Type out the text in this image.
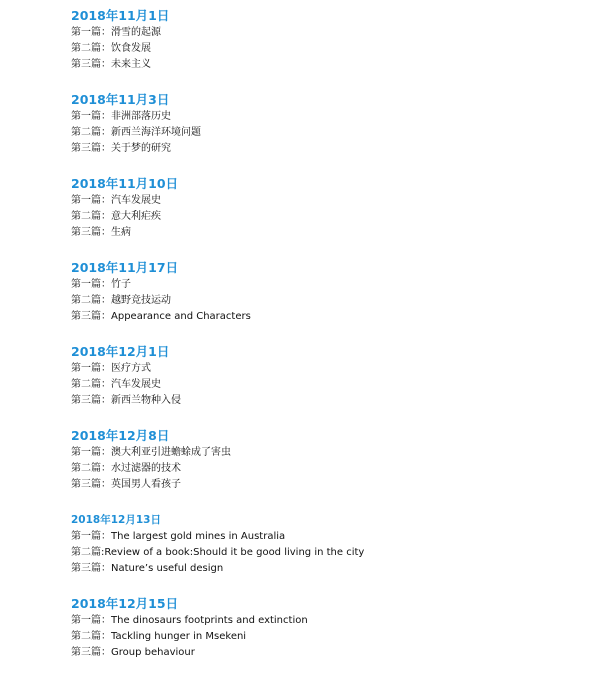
2018年11月1日
第一篇：滑雪的起源
第二篇：饮食发展
第三篇：未来主义
2018年11月3日
第一篇：非洲部落历史
第二篇：新西兰海洋环境问题
第三篇：关于梦的研究
2018年11月10日
第一篇：汽车发展史
第二篇：意大利疟疾
第三篇：生病
2018年11月17日
第一篇：竹子
第二篇：越野竞技运动
第三篇：Appearance and Characters
2018年12月1日
第一篇：医疗方式
第二篇：汽车发展史
第三篇：新西兰物种入侵
2018年12月8日
第一篇：澳大利亚引进蟾蜍成了害虫
第二篇：水过滤器的技术
第三篇：英国男人看孩子
2018年12月13日
第一篇：The largest gold mines in Australia
第二篇:Review of a book:Should it be good living in the city
第三篇：Nature’s useful design
2018年12月15日
第一篇：The dinosaurs footprints and extinction
第二篇：Tackling hunger in Msekeni
第三篇：Group behaviour
